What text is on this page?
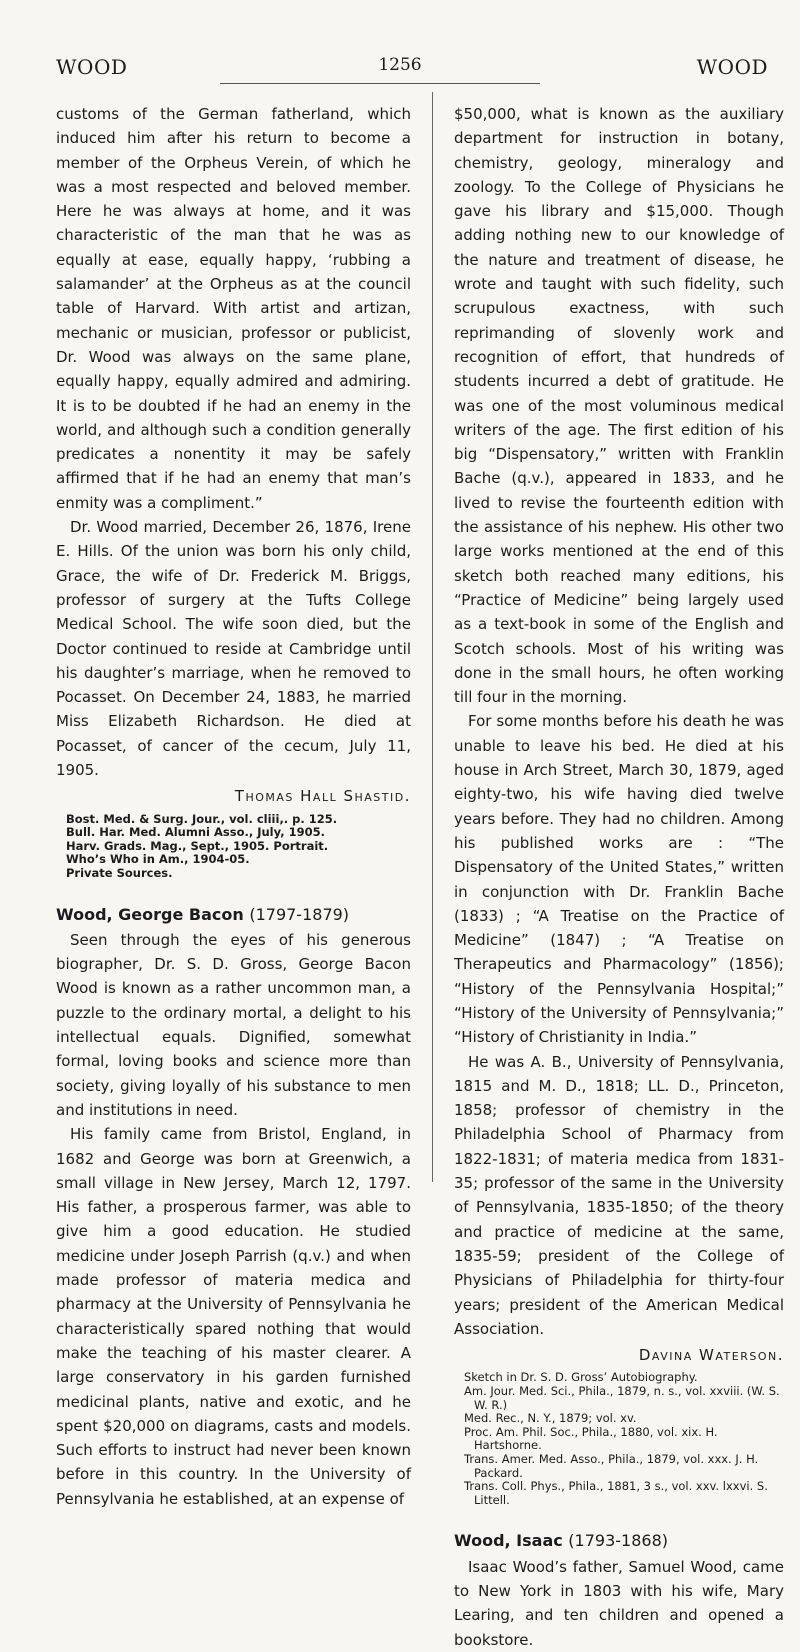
WOOD	1256	WOOD

customs of the German fatherland, which induced him after his return to become a member of the Orpheus Verein, of which he was a most respected and beloved member. Here he was always at home, and it was characteristic of the man that he was as equally at ease, equally happy, ‘rubbing a salamander’ at the Orpheus as at the council table of Harvard. With artist and artizan, mechanic or musician, professor or publicist, Dr. Wood was always on the same plane, equally happy, equally admired and admiring. It is to be doubted if he had an enemy in the world, and although such a condition generally predicates a nonentity it may be safely affirmed that if he had an enemy that man’s enmity was a compliment.”

Dr. Wood married, December 26, 1876, Irene E. Hills. Of the union was born his only child, Grace, the wife of Dr. Frederick M. Briggs, professor of surgery at the Tufts College Medical School. The wife soon died, but the Doctor continued to reside at Cambridge until his daughter’s marriage, when he removed to Pocasset. On December 24, 1883, he married Miss Elizabeth Richardson. He died at Pocasset, of cancer of the cecum, July 11, 1905.

Thomas Hall Shastid.

Bost. Med. & Surg. Jour., vol. cliii,. p. 125.
Bull. Har. Med. Alumni Asso., July, 1905.
Harv. Grads. Mag., Sept., 1905. Portrait.
Who’s Who in Am., 1904-05.
Private Sources.

Wood, George Bacon (1797-1879)

Seen through the eyes of his generous biographer, Dr. S. D. Gross, George Bacon Wood is known as a rather uncommon man, a puzzle to the ordinary mortal, a delight to his intellectual equals. Dignified, somewhat formal, loving books and science more than society, giving loyally of his substance to men and institutions in need.

His family came from Bristol, England, in 1682 and George was born at Greenwich, a small village in New Jersey, March 12, 1797. His father, a prosperous farmer, was able to give him a good education. He studied medicine under Joseph Parrish (q.v.) and when made professor of materia medica and pharmacy at the University of Pennsylvania he characteristically spared nothing that would make the teaching of his master clearer. A large conservatory in his garden furnished medicinal plants, native and exotic, and he spent $20,000 on diagrams, casts and models. Such efforts to instruct had never been known before in this country. In the University of Pennsylvania he established, at an expense of

$50,000, what is known as the auxiliary department for instruction in botany, chemistry, geology, mineralogy and zoology. To the College of Physicians he gave his library and $15,000. Though adding nothing new to our knowledge of the nature and treatment of disease, he wrote and taught with such fidelity, such scrupulous exactness, with such reprimanding of slovenly work and recognition of effort, that hundreds of students incurred a debt of gratitude. He was one of the most voluminous medical writers of the age. The first edition of his big “Dispensatory,” written with Franklin Bache (q.v.), appeared in 1833, and he lived to revise the fourteenth edition with the assistance of his nephew. His other two large works mentioned at the end of this sketch both reached many editions, his “Practice of Medicine” being largely used as a text-book in some of the English and Scotch schools. Most of his writing was done in the small hours, he often working till four in the morning.

For some months before his death he was unable to leave his bed. He died at his house in Arch Street, March 30, 1879, aged eighty-two, his wife having died twelve years before. They had no children. Among his published works are : “The Dispensatory of the United States,” written in conjunction with Dr. Franklin Bache (1833) ; “A Treatise on the Practice of Medicine” (1847) ; “A Treatise on Therapeutics and Pharmacology” (1856); “History of the Pennsylvania Hospital;” “History of the University of Pennsylvania;” “History of Christianity in India.”

He was A. B., University of Pennsylvania, 1815 and M. D., 1818; LL. D., Princeton, 1858; professor of chemistry in the Philadelphia School of Pharmacy from 1822-1831; of materia medica from 1831-35; professor of the same in the University of Pennsylvania, 1835-1850; of the theory and practice of medicine at the same, 1835-59; president of the College of Physicians of Philadelphia for thirty-four years; president of the American Medical Association.

Davina Waterson.

Sketch in Dr. S. D. Gross’ Autobiography.
Am. Jour. Med. Sci., Phila., 1879, n. s., vol. xxviii. (W. S. W. R.)
Med. Rec., N. Y., 1879; vol. xv.
Proc. Am. Phil. Soc., Phila., 1880, vol. xix. H. Hartshorne.
Trans. Amer. Med. Asso., Phila., 1879, vol. xxx. J. H. Packard.
Trans. Coll. Phys., Phila., 1881, 3 s., vol. xxv. lxxvi. S. Littell.

Wood, Isaac (1793-1868)

Isaac Wood’s father, Samuel Wood, came to New York in 1803 with his wife, Mary Learing, and ten children and opened a bookstore.
